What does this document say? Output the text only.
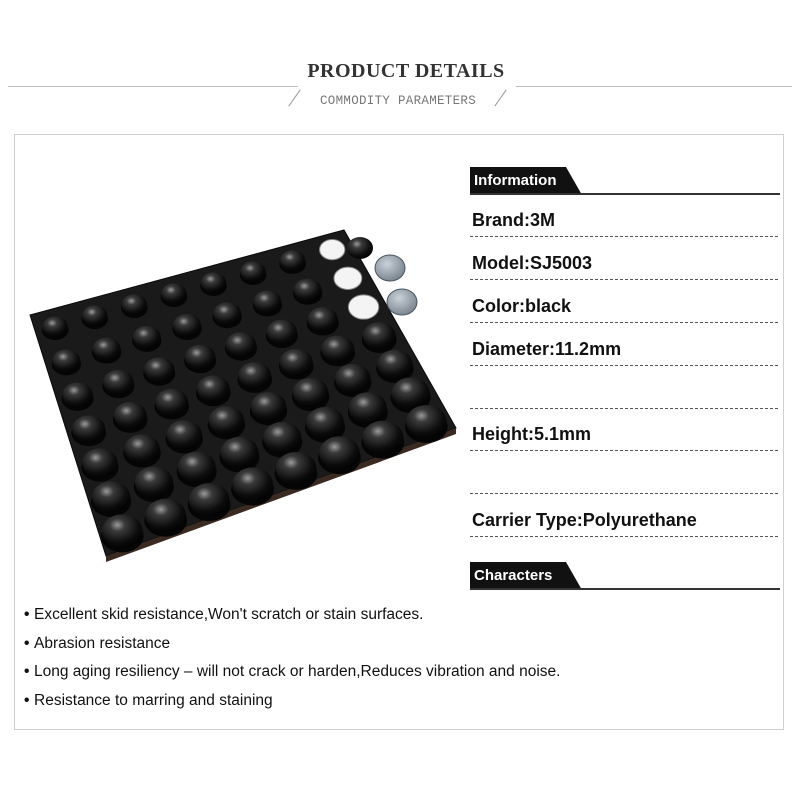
PRODUCT DETAILS
COMMODITY PARAMETERS
Information
Brand:3M
Model:SJ5003
Color:black
Diameter:11.2mm
Height:5.1mm
Carrier Type:Polyurethane
Characters
• Excellent skid resistance,Won't scratch or stain surfaces.
• Abrasion resistance
• Long aging resiliency – will not crack or harden,Reduces vibration and noise.
• Resistance to marring and staining
